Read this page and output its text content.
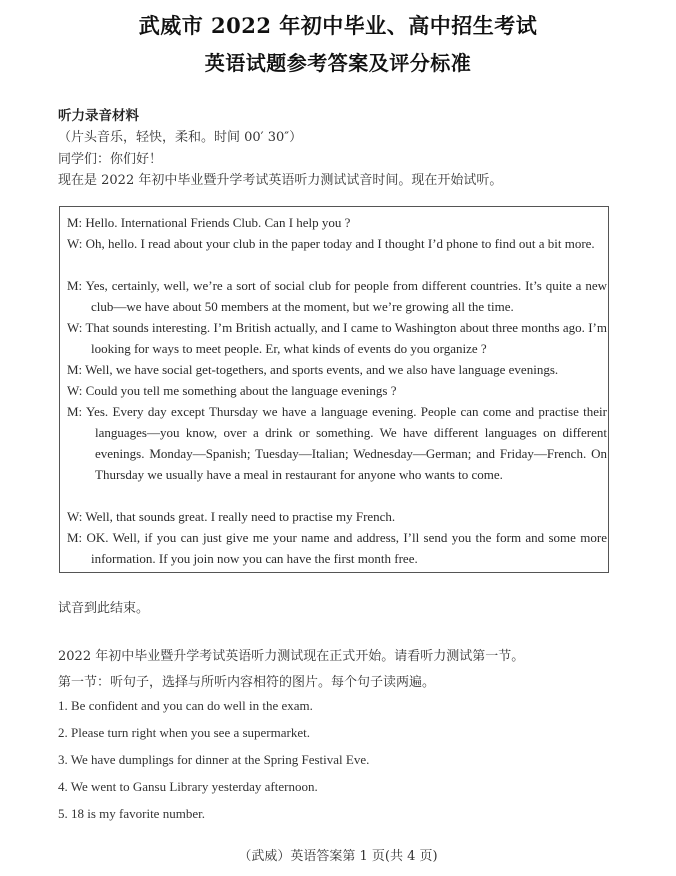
武威市 2022 年初中毕业、高中招生考试
英语试题参考答案及评分标准
听力录音材料
（片头音乐，轻快，柔和。时间 00′ 30″）
同学们：你们好！
现在是 2022 年初中毕业暨升学考试英语听力测试试音时间。现在开始试听。
M: Hello. International Friends Club. Can I help you ?
W: Oh, hello. I read about your club in the paper today and I thought I’d phone to find out a bit more.
M: Yes, certainly, well, we’re a sort of social club for people from different countries. It’s quite a new club—we have about 50 members at the moment, but we’re growing all the time.
W: That sounds interesting. I’m British actually, and I came to Washington about three months ago. I’m looking for ways to meet people. Er, what kinds of events do you organize ?
M: Well, we have social get-togethers, and sports events, and we also have language evenings.
W: Could you tell me something about the language evenings ?
M: Yes. Every day except Thursday we have a language evening. People can come and practise their languages—you know, over a drink or something. We have different languages on different evenings. Monday—Spanish; Tuesday—Italian; Wednesday—German; and Friday—French. On Thursday we usually have a meal in restaurant for anyone who wants to come.
W: Well, that sounds great. I really need to practise my French.
M: OK. Well, if you can just give me your name and address, I’ll send you the form and some more information. If you join now you can have the first month free.
试音到此结束。
2022 年初中毕业暨升学考试英语听力测试现在正式开始。请看听力测试第一节。
第一节：听句子，选择与所听内容相符的图片。每个句子读两遍。
1. Be confident and you can do well in the exam.
2. Please turn right when you see a supermarket.
3. We have dumplings for dinner at the Spring Festival Eve.
4. We went to Gansu Library yesterday afternoon.
5. 18 is my favorite number.
（武威）英语答案第 1 页(共 4 页)
